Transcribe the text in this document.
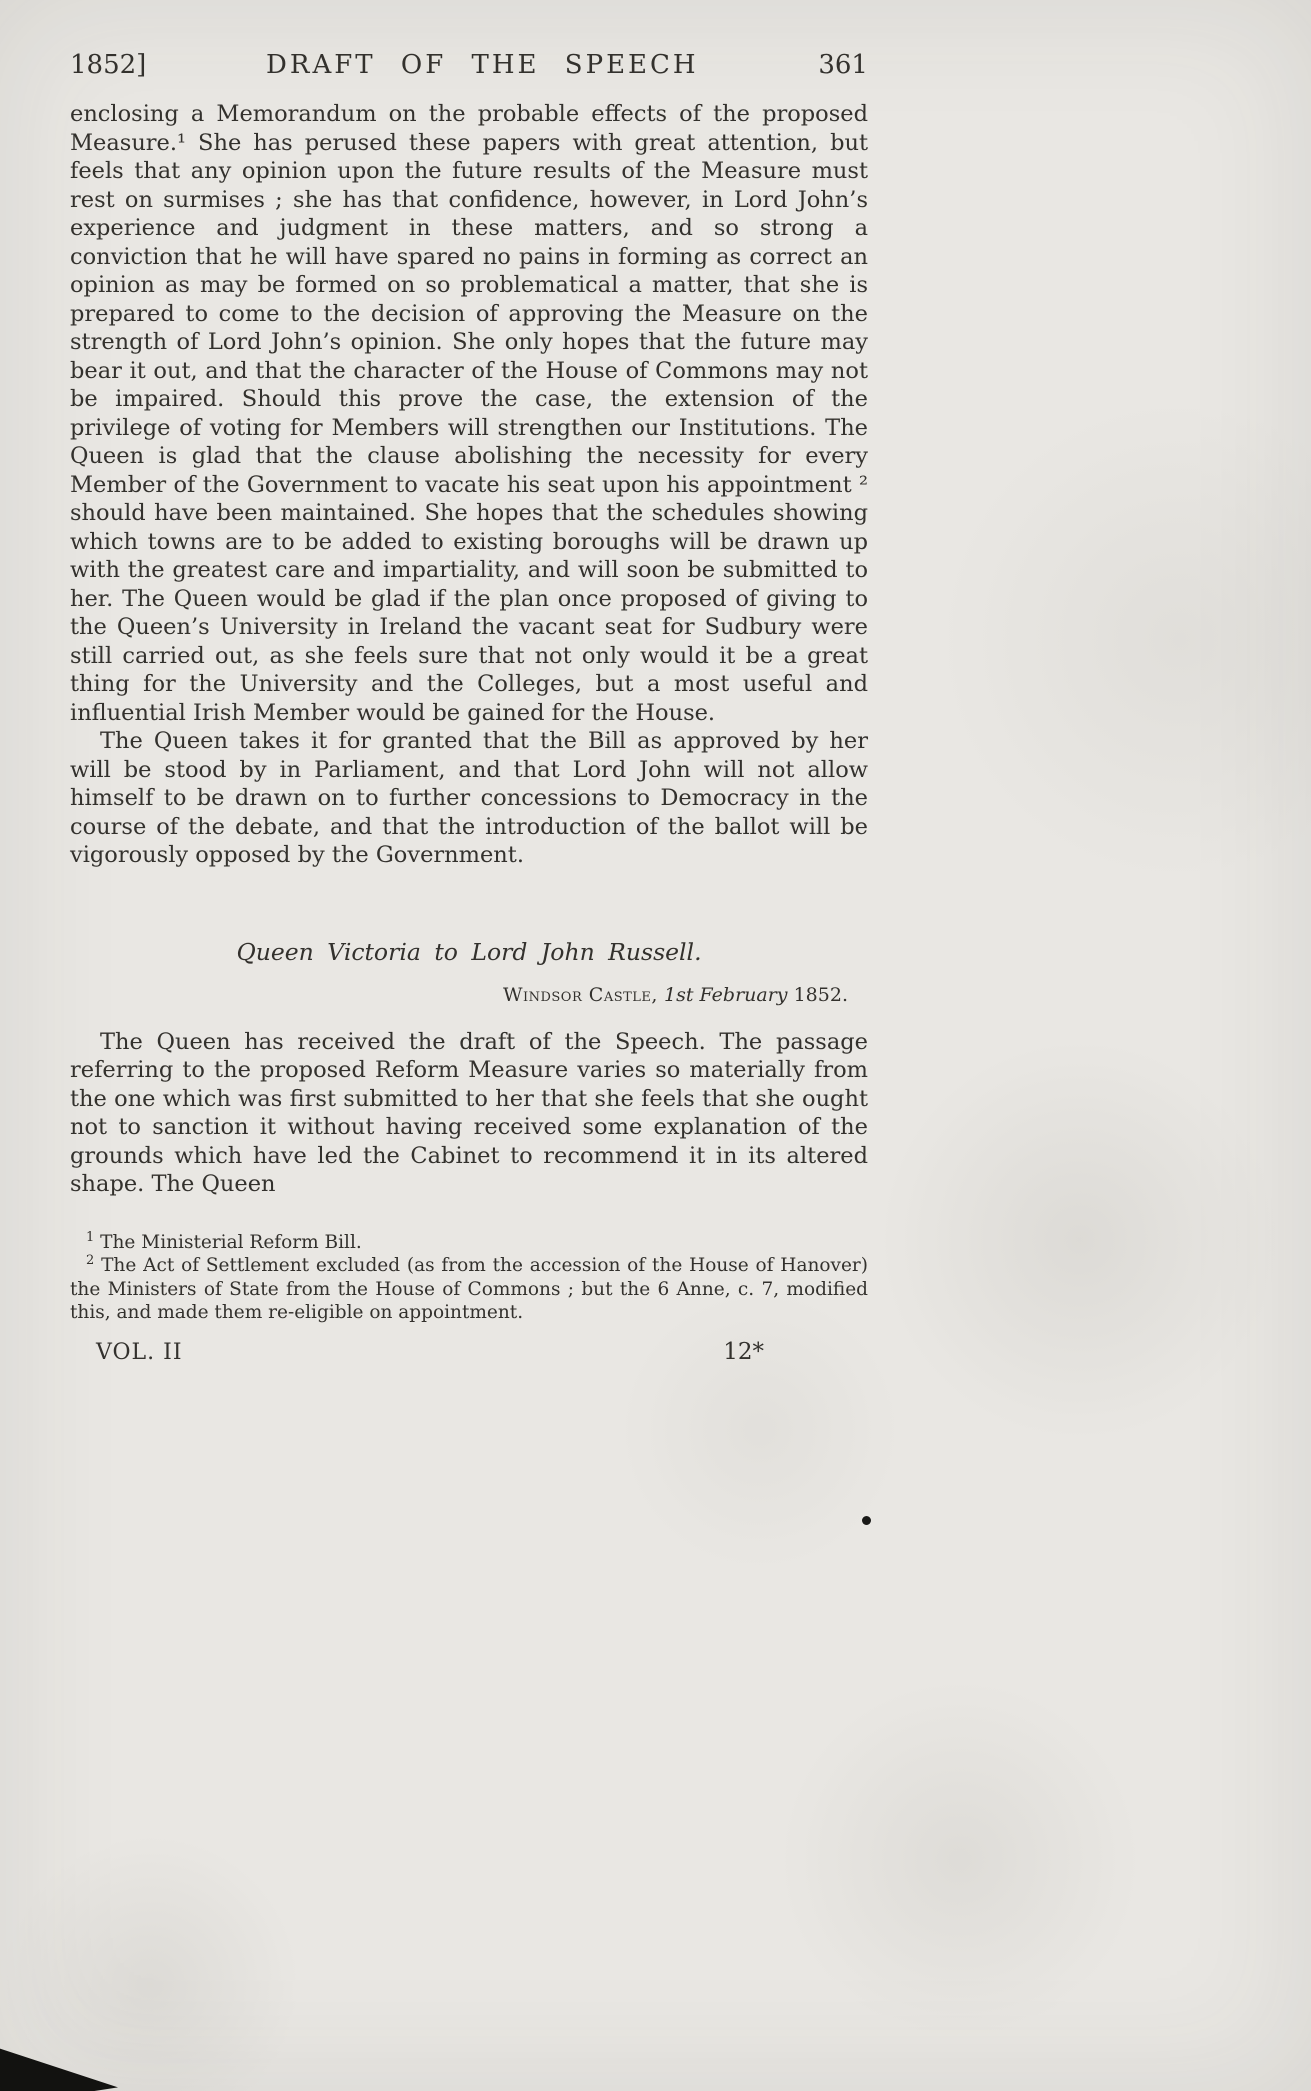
1852]	DRAFT OF THE SPEECH	361

enclosing a Memorandum on the probable effects of the proposed Measure.¹ She has perused these papers with great attention, but feels that any opinion upon the future results of the Measure must rest on surmises ; she has that confidence, however, in Lord John’s experience and judgment in these matters, and so strong a conviction that he will have spared no pains in forming as correct an opinion as may be formed on so problematical a matter, that she is prepared to come to the decision of approving the Measure on the strength of Lord John’s opinion. She only hopes that the future may bear it out, and that the character of the House of Commons may not be impaired. Should this prove the case, the extension of the privilege of voting for Members will strengthen our Institutions. The Queen is glad that the clause abolishing the necessity for every Member of the Government to vacate his seat upon his appointment ² should have been maintained. She hopes that the schedules showing which towns are to be added to existing boroughs will be drawn up with the greatest care and impartiality, and will soon be submitted to her. The Queen would be glad if the plan once proposed of giving to the Queen’s University in Ireland the vacant seat for Sudbury were still carried out, as she feels sure that not only would it be a great thing for the University and the Colleges, but a most useful and influential Irish Member would be gained for the House.

The Queen takes it for granted that the Bill as approved by her will be stood by in Parliament, and that Lord John will not allow himself to be drawn on to further concessions to Democracy in the course of the debate, and that the introduction of the ballot will be vigorously opposed by the Government.

Queen Victoria to Lord John Russell.
Windsor Castle, 1st February 1852.

The Queen has received the draft of the Speech. The passage referring to the proposed Reform Measure varies so materially from the one which was first submitted to her that she feels that she ought not to sanction it without having received some explanation of the grounds which have led the Cabinet to recommend it in its altered shape. The Queen

$^1$ The Ministerial Reform Bill.

$^2$ The Act of Settlement excluded (as from the accession of the House of Hanover) the Ministers of State from the House of Commons ; but the 6 Anne, c. 7, modified this, and made them re-eligible on appointment.

VOL. II	12*
